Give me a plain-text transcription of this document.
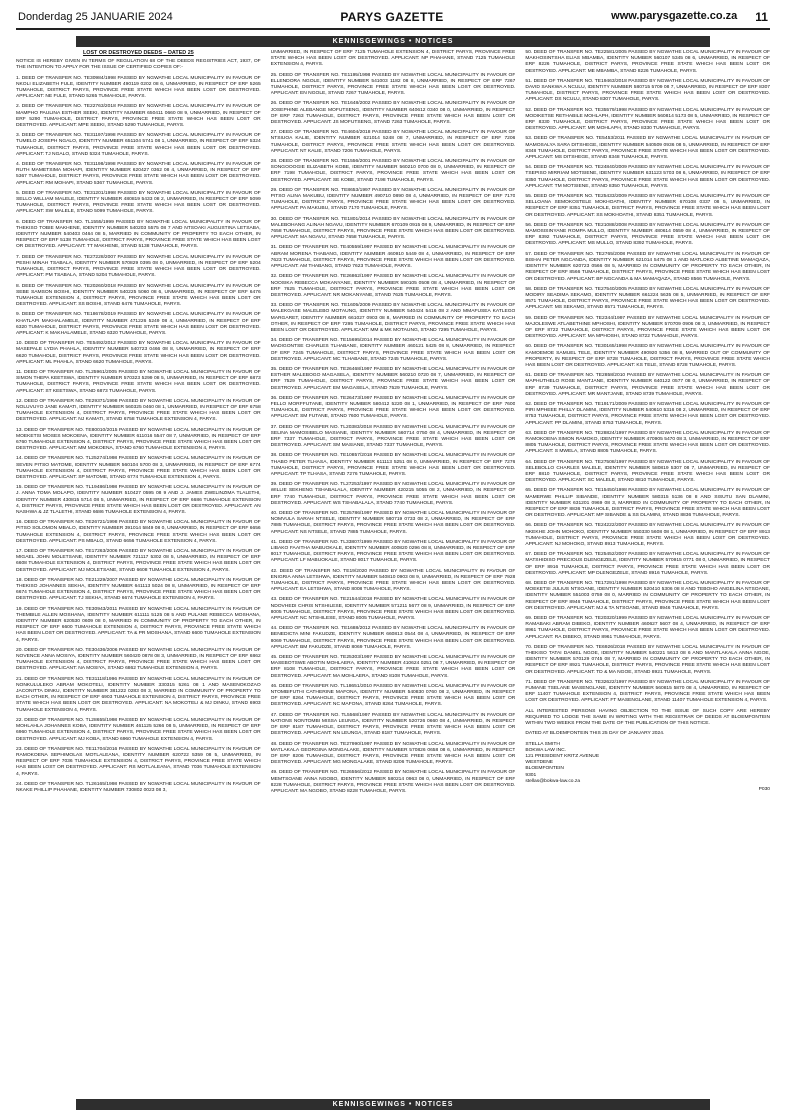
Donderdag 25 JANUARIE 2024	PARYS GAZETTE	www.parysgazette.co.za 11
KENNISGEWINGS • NOTICES
LOST OR DESTROYED DEEDS – DATED 25

NOTICE IS HEREBY GIVEN IN TERMS OF REGULATION 68 OF THE DEEDS REGISTRIES ACT, 1937, OF THE INTENTION TO APPLY FOR THE ISSUE OF CERTIFIED COPIES OF:-

1. DEED OF TRANSFER NO. TE30984/1998 PASSED BY NGWATHE LOCAL MUNICIPALITY IN FAVOUR OF NKOLI ELIZABETH FULE, IDENTITY NUMBER 490119 0202 08 6, UNMARRIED, IN RESPECT OF ERF 5265 TUMAHOLE, DISTRICT PARYS, PROVINCE FREE STATE WHICH HAS BEEN LOST OR DESTROYED. APPLICANT: NE FULE, STAND 5265 TUMAHOLE, PARYS.

2. DEED OF TRANSFER NO. TE22763/2018 PASSED BY NGWATHE LOCAL MUNICIPALITY IN FAVOUR OF MAMPHO PAULINA ESTHER SEEKI, IDENTITY NUMBER 650411 0660 08 9, UNMARRIED, IN RESPECT OF ERF 5290 TUMAHOLE, DISTRICT PARYS, PROVINCE FREE STATE WHICH HAS BEEN LOST OR DESTROYED. APPLICANT: MPE SEEKI, STAND 5290 TUMAHOLE, PARYS.

3. DEED OF TRANSFER NO. TE31197/1998 PASSED BY NGWATHE LOCAL MUNICIPALITY IN FAVOUR OF TUMELO JOSEPH NGALO, IDENTITY NUMBER 651104 5741 08 1, UNMARRIED, IN RESPECT OF ERF 5324 TUMAHOLE, DISTRICT PARYS, PROVINCE FREE STATE WHICH HAS BEEN LOST OR DESTROYED. APPLICANT: TJ NGALO, STAND 5324 TUMAHOLE, PARYS.

4. DEED OF TRANSFER NO. TE31198/1998 PASSED BY NGWATHE LOCAL MUNICIPALITY IN FAVOUR OF RUTH MAMETSIMA MOHAPI, IDENTITY NUMBER 620427 0362 08 4, UNMARRIED, IN RESPECT OF ERF 5367 TUMAHOLE, DISTRICT PARYS, PROVINCE FREE STATE WHICH HAS BEEN LOST OR DESTROYED. APPLICANT: RM MOHAPI, STAND 5367 TUMAHOLE, PARYS.

5. DEED OF TRANSFER NO. TE31201/1998 PASSED BY NGWATHE LOCAL MUNICIPALITY IN FAVOUR OF SELLO WILLIAM MALELE, IDENTITY NUMBER 480819 5433 08 2, UNMARRIED, IN RESPECT OF ERF 5099 TUMAHOLE, DISTRICT PARYS, PROVINCE FREE STATE WHICH HAS BEEN LOST OR DESTROYED. APPLICANT: SW MALELE, STAND 5099 TUMAHOLE, PARYS.

6. DEED OF TRANSFER NO. TL1555/1999 PASSED BY NGWATHE LOCAL MUNICIPALITY IN FAVOUR OF THEKISO TOBIE MAKHENE, IDENTITY NUMBER 540203 5575 08 7 AND NTSOAKI AUGUSTINA LETSABA, IDENTITY NUMBER 540403 0464 08 5, MARRIED IN COMMUNITY OF PROPERTY TO EACH OTHER, IN RESPECT OF ERF 5138 TUMAHOLE, DISTRICT PARYS, PROVINCE FREE STATE WHICH HAS BEEN LOST OR DESTROYED. APPLICANT: TT MAKHENE, STAND 5138 TUMAHOLE, PARYS.

7. DEED OF TRANSFER NO. TE27228/2007 PASSED BY NGWATHE LOCAL MUNICIPALITY IN FAVOUR OF PESHI MINAH TSABALA, IDENTITY NUMBER 570829 0395 08 0, UNMARRIED, IN RESPECT OF ERF 5204 TUMAHOLE, DISTRICT PARYS, PROVINCE FREE STATE WHICH HAS BEEN LOST OR DESTROYED. APPLICANT: PM TSABALA, STAND 5204 TUMAHOLE, PARYS.

8. DEED OF TRANSFER NO. TE20260/2018 PASSED BY NGWATHE LOCAL MUNICIPALITY IN FAVOUR OF SEBE SAMSON BOSHI, IDENTITY NUMBER 540225 5060 08 6, UNMARRIED, IN RESPECT OF ERF 6476 TUMAHOLE EXTENSION 4, DISTRICT PARYS, PROVINCE FREE STATE WHICH HAS BEEN LOST OR DESTROYED. APPLICANT: SS BOSHI, STAND 6476 TUMAHOLE, PARYS.

9. DEED OF TRANSFER NO. TE18678/2019 PASSED BY NGWATHE LOCAL MUNICIPALITY IN FAVOUR OF KHATLAPI MAKHALAMELE, IDENTITY NUMBER 471226 5249 08 4, UNMARRIED, IN RESPECT OF ERF 6320 TUMAHOLE, DISTRICT PARYS, PROVINCE FREE STATE WHICH HAS BEEN LOST OR DESTROYED. APPLICANT: K MAKHALAMELE, STAND 6320 TUMAHOLE, PARYS.

10. DEED OF TRANSFER NO. TE5492/2012 PASSED BY NGWATHE LOCAL MUNICIPALITY IN FAVOUR OF MASEPALE LYDIA PHAHLA, IDENTITY NUMBER 540723 0466 08 8, UNMARRIED, IN RESPECT OF ERF 6620 TUMAHOLE, DISTRICT PARYS, PROVINCE FREE STATE WHICH HAS BEEN LOST OR DESTROYED. APPLICANT: ML PHAHLA, STAND 6620 TUMAHOLE, PARYS.

11. DEED OF TRANSFER NO. TL25961/2005 PASSED BY NGWATHE LOCAL MUNICIPALITY IN FAVOUR OF SIMON THEPA KEETSWA, IDENTITY NUMBER 570323 5299 08 5, UNMARRIED, IN RESPECT OF ERF 6873 TUMAHOLE, DISTRICT PARYS, PROVINCE FREE STATE WHICH HAS BEEN LOST OR DESTROYED. APPLICANT: ST KEETSWA, STAND 6873 TUMAHOLE, PARYS.

12. DEED OF TRANSFER NO. TE29371/1998 PASSED BY NGWATHE LOCAL MUNICIPALITY IN FAVOUR OF NOLUVUYO JANE KAMATI, IDENTITY NUMBER 560325 0460 08 1, UNMARRIED, IN RESPECT OF ERF 6758 TUMAHOLE EXTENSION 4, DISTRICT PARYS, PROVINCE FREE STATE WHICH HAS BEEN LOST OR DESTROYED. APPLICANT: NJ KAMATI, STAND 6758 TUMAHOLE EXTENSION 4, PARYS.

13. DEED OF TRANSFER NO. TE80010/2015 PASSED BY NGWATHE LOCAL MUNICIPALITY IN FAVOUR OF MOEKETSI MOSES MOKOENA, IDENTITY NUMBER 611016 5547 08 7, UNMARRIED, IN RESPECT OF ERF 6760 TUMAHOLE EXTENSION 4, DISTRICT PARYS, PROVINCE FREE STATE WHICH HAS BEEN LOST OR DESTROYED. APPLICANT: MM MOKOENA, STAND 6760 TUMAHOLE EXTENSION 4, PARYS.

14. DEED OF TRANSFER NO. TL25274/1998 PASSED BY NGWATHE LOCAL MUNICIPALITY IN FAVOUR OF SEVEN PITSO MATOME, IDENTITY NUMBER 560104 5700 08 3, UNMARRIED, IN RESPECT OF ERF 6774 TUMAHOLE EXTENSION 4, DISTRICT PARYS, PROVINCE FREE STATE WHICH HAS BEEN LOST OR DESTROYED. APPLICANT: SP MATOME, STAND 6774 TUMAHOLE EXTENSION 4, PARYS.

15. DEED OF TRANSFER NO. TL19486/1998 PASSED BY NGWATHE LOCAL MUNICIPALITY IN FAVOUR OF J. ANNA TOMA MOLAPO, IDENTITY NUMBER 510427 0595 08 9 AND J. JAMES ZWELINZIMA TLALETHI, IDENTITY NUMBER 430815 5714 08 5, UNMARRIED, IN RESPECT OF ERF 6686 TUMAHOLE EXTENSION 4, DISTRICT PARYS, PROVINCE FREE STATE WHICH HAS BEEN LOST OR DESTROYED. APPLICANT: AN NASHWA & JZ TLALETHI, STAND 6686 TUMAHOLE EXTENSION 4, PARYS.

16. DEED OF TRANSFER NO. TE26721/1998 PASSED BY NGWATHE LOCAL MUNICIPALITY IN FAVOUR OF PITSO SOLOMON MBALO, IDENTITY NUMBER 391014 5849 08 0, UNMARRIED, IN RESPECT OF ERF 6656 TUMAHOLE EXTENSION 4, DISTRICT PARYS, PROVINCE FREE STATE WHICH HAS BEEN LOST OR DESTROYED. APPLICANT: PS MBALO, STAND 6656 TUMAHOLE EXTENSION 4, PARYS.

17. DEED OF TRANSFER NO. TE17263/2006 PASSED BY NGWATHE LOCAL MUNICIPALITY IN FAVOUR OF MIGAEL JOHN MOLETSANE, IDENTITY NUMBER 721117 5302 08 5, UNMARRIED, IN RESPECT OF ERF 6608 TUMAHOLE EXTENSION 4, DISTRICT PARYS, PROVINCE FREE STATE WHICH HAS BEEN LOST OR DESTROYED. APPLICANT: MJ MOLETSANE, STAND 6608 TUMAHOLE EXTENSION 4, PARYS.

18. DEED OF TRANSFER NO. TE21229/2007 PASSED BY NGWATHE LOCAL MUNICIPALITY IN FAVOUR OF THEKISO JOHANNES SEKHA, IDENTITY NUMBER 641113 5024 08 8, UNMARRIED, IN RESPECT OF ERF 6674 TUMAHOLE EXTENSION 4, DISTRICT PARYS, PROVINCE FREE STATE WHICH HAS BEEN LOST OR DESTROYED. APPLICANT: TJ SEKHA, STAND 6674 TUMAHOLE EXTENSION 4, PARYS.

19. DEED OF TRANSFER NO. TE30943/2011 PASSED BY NGWATHE LOCAL MUNICIPALITY IN FAVOUR OF THEMBILE ALLEN MOSHANA, IDENTITY NUMBER 611111 5125 08 5 AND PULANE REBECCA MOSHANA, IDENTITY NUMBER 620530 0609 08 0, MARRIED IN COMMUNITY OF PROPERTY TO EACH OTHER, IN RESPECT OF ERF 6600 TUMAHOLE EXTENSION 4, DISTRICT PARYS, PROVINCE FREE STATE WHICH HAS BEEN LOST OR DESTROYED. APPLICANT: TA & PR MOSHANA, STAND 6600 TUMAHOLE EXTENSION 4, PARYS.

20. DEED OF TRANSFER NO. TE30436/2006 PASSED BY NGWATHE LOCAL MUNICIPALITY IN FAVOUR OF NOVENCE ANNA MOSIYA, IDENTITY NUMBER 560420 0878 08 3, UNMARRIED, IN RESPECT OF ERF 6862 TUMAHOLE EXTENSION 4, DISTRICT PARYS, PROVINCE FREE STATE WHICH HAS BEEN LOST OR DESTROYED. APPLICANT: NA MOSIYA, STAND 6862 TUMAHOLE EXTENSION 4, PARYS.

21. DEED OF TRANSFER NO. TE31118/1996 PASSED BY NGWATHE LOCAL MUNICIPALITY IN FAVOUR OF NONKULULEKO ABRAM MOKOTELI, IDENTITY NUMBER 330315 5261 08 1 AND MASENOKOZAO JACONITTA DINKU, IDENTITY NUMBER 381222 0283 08 3, MARRIED IN COMMUNITY OF PROPERTY TO EACH OTHER, IN RESPECT OF ERF 6903 TUMAHOLE EXTENSION 4, DISTRICT PARYS, PROVINCE FREE STATE WHICH HAS BEEN LOST OR DESTROYED. APPLICANT: NA MOKOTELI & MJ DINKU, STAND 6903 TUMAHOLE EXTENSION 4, PARYS.

22. DEED OF TRANSFER NO. TL28655/1998 PASSED BY NGWATHE LOCAL MUNICIPALITY IN FAVOUR OF MOHLAHLA JOHANNES KOBA, IDENTITY NUMBER 461125 5266 08 5, UNMARRIED, IN RESPECT OF ERF 6960 TUMAHOLE EXTENSION 4, DISTRICT PARYS, PROVINCE FREE STATE WHICH HAS BEEN LOST OR DESTROYED. APPLICANT: MJ KOBA, STAND 6960 TUMAHOLE EXTENSION 4, PARYS.

23. DEED OF TRANSFER NO. TE11704/2016 PASSED BY NGWATHE LOCAL MUNICIPALITY IN FAVOUR OF RAMOKOENA SEPHIMOLAS MOTLALEANA, IDENTITY NUMBER 620722 5359 08 5, UNMARRIED, IN RESPECT OF ERF 7036 TUMAHOLE EXTENSION 4, DISTRICT PARYS, PROVINCE FREE STATE WHICH HAS BEEN LOST OR DESTROYED. APPLICANT: RS MOTLALEANA, STAND 7036 TUMAHOLE EXTENSION 4, PARYS.

24. DEED OF TRANSFER NO. TL26165/1998 PASSED BY NGWATHE LOCAL MUNICIPALITY IN FAVOUR OF NKAKE PHILLIP PHAHANE, IDENTITY NUMBER 730802 0023 08 3,

UNMARRIED, IN RESPECT OF ERF 7125 TUMAHOLE EXTENSION 4, DISTRICT PARYS, PROVINCE FREE STATE WHICH HAS BEEN LOST OR DESTROYED. APPLICANT: NP PHAHANE, STAND 7125 TUMAHOLE EXTENSION 4, PARYS.

25. DEED OF TRANSFER NO. TE1195/1998 PASSED BY NGWATHE LOCAL MUNICIPALITY IN FAVOUR OF ELLENDORA NGOLE, IDENTITY NUMBER 541003 1182 08 8, UNMARRIED, IN RESPECT OF ERF 7267 TUMAHOLE, DISTRICT PARYS, PROVINCE FREE STATE WHICH HAS BEEN LOST OR DESTROYED. APPLICANT: EN NGOLE, STAND 7267 TUMAHOLE, PARYS.

26. DEED OF TRANSFER NO. TE1648/2002 PASSED BY NGWATHE LOCAL MUNICIPALITY IN FAVOUR OF JOSEPHINE ALEBANGE MOFUTSENG, IDENTITY NUMBER 640612 0340 08 0, UNMARRIED, IN RESPECT OF ERF 7263 TUMAHOLE, DISTRICT PARYS, PROVINCE FREE STATE WHICH HAS BEEN LOST OR DESTROYED. APPLICANT: JS MOFUTSENG, STAND 7263 TUMAHOLE, PARYS.

27. DEED OF TRANSFER NO. TE4604/2018 PASSED BY NGWATHE LOCAL MUNICIPALITY IN FAVOUR OF NTSIUOA KALIE, IDENTITY NUMBER 621014 5248 08 7, UNMARRIED, IN RESPECT OF ERF 7206 TUMAHOLE, DISTRICT PARYS, PROVINCE FREE STATE WHICH HAS BEEN LOST OR DESTROYED. APPLICANT: NT KALIE, STAND 7206 TUMAHOLE, PARYS.

28. DEED OF TRANSFER NO. TE1556/2001 PASSED BY NGWATHE LOCAL MUNICIPALITY IN FAVOUR OF SONGOOOGIE ELIZABETH KOBE, IDENTITY NUMBER 560210 0700 08 0, UNMARRIED, IN RESPECT OF ERF 7198 TUMAHOLE, DISTRICT PARYS, PROVINCE FREE STATE WHICH HAS BEEN LOST OR DESTROYED. APPLICANT: SE KOBE, STAND 7198 TUMAHOLE, PARYS.

29. DEED OF TRANSFER NO. TE8653/1997 PASSED BY NGWATHE LOCAL MUNICIPALITY IN FAVOUR OF PITSO ALINA MAKUBU, IDENTITY NUMBER 490710 0890 08 4, UNMARRIED, IN RESPECT OF ERF 7170 TUMAHOLE, DISTRICT PARYS, PROVINCE FREE STATE WHICH HAS BEEN LOST OR DESTROYED. APPLICANT: PA MAKUBU, STAND 7170 TUMAHOLE, PARYS.

30. DEED OF TRANSFER NO. TE1801/2014 PASSED BY NGWATHE LOCAL MUNICIPALITY IN FAVOUR OF MALEBOHANG ALINAH NGAVU, IDENTITY NUMBER 670109 0915 08 9, UNMARRIED, IN RESPECT OF ERF 7658 TUMAHOLE, DISTRICT PARYS, PROVINCE FREE STATE WHICH HAS BEEN LOST OR DESTROYED. APPLICANT: MA NGAVU, STAND 7658 TUMAHOLE, PARYS.

31. DEED OF TRANSFER NO. TE40559/1997 PASSED BY NGWATHE LOCAL MUNICIPALITY IN FAVOUR OF ABRAM MORENA THABANG, IDENTITY NUMBER 460910 5449 08 4, UNMARRIED, IN RESPECT OF ERF 7623 TUMAHOLE, DISTRICT PARYS, PROVINCE FREE STATE WHICH HAS BEEN LOST OR DESTROYED. APPLICANT: AM THABANG, STAND 7623 TUMAHOLE, PARYS.

32. DEED OF TRANSFER NO. TE26862/1997 PASSED BY NGWATHE LOCAL MUNICIPALITY IN FAVOUR OF NOOSIKA REBECCA MOKANYANE, IDENTITY NUMBER 590105 0508 08 4, UNMARRIED, IN RESPECT OF ERF 7625 TUMAHOLE, DISTRICT PARYS, PROVINCE FREE STATE WHICH HAS BEEN LOST OR DESTROYED. APPLICANT: NR MOKANYANE, STAND 7625 TUMAHOLE, PARYS.

33. DEED OF TRANSFER NO. TE1605/2009 PASSED BY NGWATHE LOCAL MUNICIPALITY IN FAVOUR OF MALEKGASE MALELEBO MOTAUNG, IDENTITY NUMBER 540424 5416 08 2 AND MMAFUSEA KATLEGO MARGARET, IDENTITY NUMBER 661027 0903 08 8, MARRIED IN COMMUNITY OF PROPERTY TO EACH OTHER, IN RESPECT OF ERF 7295 TUMAHOLE, DISTRICT PARYS, PROVINCE FREE STATE WHICH HAS BEEN LOST OR DESTROYED. APPLICANT: MM & MK MOTAUNG, STAND 7295 TUMAHOLE, PARYS.

34. DEED OF TRANSFER NO. TE15695/2014 PASSED BY NGWATHE LOCAL MUNICIPALITY IN FAVOUR OF MADIGONTSE CHARLES TLHABANE, IDENTITY NUMBER 460121 5425 08 8, UNMARRIED, IN RESPECT OF ERF 7245 TUMAHOLE, DISTRICT PARYS, PROVINCE FREE STATE WHICH HAS BEEN LOST OR DESTROYED. APPLICANT: MC TLHABANE, STAND 7245 TUMAHOLE, PARYS.

35. DEED OF TRANSFER NO. TE26468/1997 PASSED BY NGWATHE LOCAL MUNICIPALITY IN FAVOUR OF ESTHER MALEBOGO MAGASELA, IDENTITY NUMBER 560210 0720 08 7, UNMARRIED, IN RESPECT OF ERF 7529 TUMAHOLE, DISTRICT PARYS, PROVINCE FREE STATE WHICH HAS BEEN LOST OR DESTROYED. APPLICANT: EM MAGASELA, STAND 7529 TUMAHOLE, PARYS.

36. DEED OF TRANSFER NO. TE26473/1997 PASSED BY NGWATHE LOCAL MUNICIPALITY IN FAVOUR OF FELLO MORFFUTANE, IDENTITY NUMBER 580412 5220 08 1, UNMARRIED, IN RESPECT OF ERF 7600 TUMAHOLE, DISTRICT PARYS, PROVINCE FREE STATE WHICH HAS BEEN LOST OR DESTROYED. APPLICANT: SM FUTANE, STAND 7600 TUMAHOLE, PARYS.

37. DEED OF TRANSFER NO. TL20383/2018 PASSED BY NGWATHE LOCAL MUNICIPALITY IN FAVOUR OF SELINA MAMOSIBELO MASIANE, IDENTITY NUMBER 560714 0750 08 4, UNMARRIED, IN RESPECT OF ERF 7337 TUMAHOLE, DISTRICT PARYS, PROVINCE FREE STATE WHICH HAS BEEN LOST OR DESTROYED. APPLICANT: SM MASIANE, STAND 7337 TUMAHOLE, PARYS.

38. DEED OF TRANSFER NO. TE10857/2018 PASSED BY NGWATHE LOCAL MUNICIPALITY IN FAVOUR OF THABO PETER TLHASA, IDENTITY NUMBER 611113 5251 08 0, UNMARRIED, IN RESPECT OF ERF 7276 TUMAHOLE, DISTRICT PARYS, PROVINCE FREE STATE WHICH HAS BEEN LOST OR DESTROYED. APPLICANT: TP TLHASA, STAND 7276 TUMAHOLE, PARYS.

39. DEED OF TRANSFER NO. TL27253/1997 PASSED BY NGWATHE LOCAL MUNICIPALITY IN FAVOUR OF WILLIE SEKHENG TSHABALALA, IDENTITY NUMBER 420215 5055 08 2, UNMARRIED, IN RESPECT OF ERF 7740 TUMAHOLE, DISTRICT PARYS, PROVINCE FREE STATE WHICH HAS BEEN LOST OR DESTROYED. APPLICANT: WS TSHABALALA, STAND 7740 TUMAHOLE, PARYS.

40. DEED OF TRANSFER NO. TE25786/1997 PASSED BY NGWATHE LOCAL MUNICIPALITY IN FAVOUR OF NOMVULA SARAH NTSELE, IDENTITY NUMBER 580719 0733 08 2, UNMARRIED, IN RESPECT OF ERF 7885 TUMAHOLE, DISTRICT PARYS, PROVINCE FREE STATE WHICH HAS BEEN LOST OR DESTROYED. APPLICANT: NS NTSELE, STAND 7885 TUMAHOLE, PARYS.

41. DEED OF TRANSFER NO. TL33807/1999 PASSED BY NGWATHE LOCAL MUNICIPALITY IN FAVOUR OF LIBAKO FAAITHA MABUOKALE, IDENTITY NUMBER 400820 0296 08 8, UNMARRIED, IN RESPECT OF ERF 8017 TUMAHOLE, DISTRICT PARYS, PROVINCE FREE STATE WHICH HAS BEEN LOST OR DESTROYED. APPLICANT: LF MABUOKALE, STAND 8017 TUMAHOLE, PARYS.

42. DEED OF TRANSFER NO. TE19/2020 PASSED BY NGWATHE LOCAL MUNICIPALITY IN FAVOUR OF ENIGRIA ANNA LETSHWA, IDENTITY NUMBER 540810 0903 08 9, UNMARRIED, IN RESPECT OF ERF 7928 TUMAHOLE, DISTRICT PARYS, PROVINCE FREE STATE WHICH HAS BEEN LOST OR DESTROYED. APPLICANT: EA LETSHWA, STAND 8008 TUMAHOLE, PARYS.

43. DEED OF TRANSFER NO. TE21544/2018 PASSED BY NGWATHE LOCAL MUNICIPALITY IN FAVOUR OF NDOVHEDI CHRIS NTSHILESE, IDENTITY NUMBER 571211 5677 08 9, UNMARRIED, IN RESPECT OF ERF 8005 TUMAHOLE, DISTRICT PARYS, PROVINCE FREE STATE WHICH HAS BEEN LOST OR DESTROYED. APPLICANT: NC NTSHILESE, STAND 8005 TUMAHOLE, PARYS.

44. DEED OF TRANSFER NO. TE1688/2012 PASSED BY NGWATHE LOCAL MUNICIPALITY IN FAVOUR OF BENEDICTA MINI FAKUDZE, IDENTITY NUMBER 660813 0544 08 4, UNMARRIED, IN RESPECT OF ERF 8069 TUMAHOLE, DISTRICT PARYS, PROVINCE FREE STATE WHICH HAS BEEN LOST OR DESTROYED. APPLICANT: BM FAKUDZE, STAND 8069 TUMAHOLE, PARYS.

45. DEED OF TRANSFER NO. TE25303/1997 PASSED BY NGWATHE LOCAL MUNICIPALITY IN FAVOUR OF MASEBOTSWE ABOTIN MOHLAERA, IDENTITY NUMBER 410624 0251 08 7, UNMARRIED, IN RESPECT OF ERF 8108 TUMAHOLE, DISTRICT PARYS, PROVINCE FREE STATE WHICH HAS BEEN LOST OR DESTROYED. APPLICANT: MA MOHLAERA, STAND 8108 TUMAHOLE, PARYS.

46. DEED OF TRANSFER NO. TL18651/2010 PASSED BY NGWATHE LOCAL MUNICIPALITY IN FAVOUR OF NTOMBIFUTHI CATHERINE MAFONA, IDENTITY NUMBER 540830 0760 08 2, UNMARRIED, IN RESPECT OF ERF 8264 TUMAHOLE, DISTRICT PARYS, PROVINCE FREE STATE WHICH HAS BEEN LOST OR DESTROYED. APPLICANT: NC MAFONA, STAND 8264 TUMAHOLE, PARYS.

47. DEED OF TRANSFER NO. TL5568/1997 PASSED BY NGWATHE LOCAL MUNICIPALITY IN FAVOUR OF NATIONS NONTOMBI MISSA LEUNGA, IDENTITY NUMBER 520726 0660 08 4, UNMARRIED, IN RESPECT OF ERF 8187 TUMAHOLE, DISTRICT PARYS, PROVINCE FREE STATE WHICH HAS BEEN LOST OR DESTROYED. APPLICANT: NN LEUNGA, STAND 8187 TUMAHOLE, PARYS.

48. DEED OF TRANSFER NO. TE27990/1997 PASSED BY NGWATHE LOCAL MUNICIPALITY IN FAVOUR OF MATLAKALA GEORGINA MONGALAKE, IDENTITY NUMBER 570826 0658 08 6, UNMARRIED, IN RESPECT OF ERF 8206 TUMAHOLE, DISTRICT PARYS, PROVINCE FREE STATE WHICH HAS BEEN LOST OR DESTROYED. APPLICANT: MG MONGALAKE, STAND 8206 TUMAHOLE, PARYS.

49. DEED OF TRANSFER NO. TE26556/2012 PASSED BY NGWATHE LOCAL MUNICIPALITY IN FAVOUR OF MEMTSOANE ANNA NGOBO, IDENTITY NUMBER 580214 0963 08 0, UNMARRIED, IN RESPECT OF ERF 8228 TUMAHOLE, DISTRICT PARYS, PROVINCE FREE STATE WHICH HAS BEEN LOST OR DESTROYED. APPLICANT: MA NGOBO, STAND 8228 TUMAHOLE, PARYS.

50. DEED OF TRANSFER NO. TE22581/2005 PASSED BY NGWATHE LOCAL MUNICIPALITY IN FAVOUR OF MAKHOSINTSHA ELIAS MBAMBA, IDENTITY NUMBER 560107 5345 08 6, UNMARRIED, IN RESPECT OF ERF 8226 TUMAHOLE, DISTRICT PARYS, PROVINCE FREE STATE WHICH HAS BEEN LOST OR DESTROYED. APPLICANT: ME MBAMBA, STAND 8226 TUMAHOLE, PARYS.

51. DEED OF TRANSFER NO. TE19463/2018 PASSED BY NGWATHE LOCAL MUNICIPALITY IN FAVOUR OF DAVID SANKWA A NCULU, IDENTITY NUMBER 580715 5709 08 7, UNMARRIED, IN RESPECT OF ERF 8307 TUMAHOLE, DISTRICT PARYS, PROVINCE FREE STATE WHICH HAS BEEN LOST OR DESTROYED. APPLICANT: DS NCULU, STAND 8307 TUMAHOLE, PARYS.

52. DEED OF TRANSFER NO. TE35579/1998 PASSED BY NGWATHE LOCAL MUNICIPALITY IN FAVOUR OF MODIKETSE RETHABILE MOHLAPH, IDENTITY NUMBER 560814 5173 08 5, UNMARRIED, IN RESPECT OF ERF 8330 TUMAHOLE, DISTRICT PARYS, PROVINCE FREE STATE WHICH HAS BEEN LOST OR DESTROYED. APPLICANT: MR MOHLAPH, STAND 8330 TUMAHOLE, PARYS.

53. DEED OF TRANSFER NO. TE5453/2011 PASSED BY NGWATHE LOCAL MUNICIPALITY IN FAVOUR OF MAMOSALYA SARA DITSHEGE, IDENTITY NUMBER 540509 0936 08 5, UNMARRIED, IN RESPECT OF ERF 8348 TUMAHOLE, DISTRICT PARYS, PROVINCE FREE STATE WHICH HAS BEEN LOST OR DESTROYED. APPLICANT: MS DITSHEGE, STAND 8348 TUMAHOLE, PARYS.

54. DEED OF TRANSFER NO. TE24840/2009 PASSED BY NGWATHE LOCAL MUNICIPALITY IN FAVOUR OF TSEPISO MIRRIAM MOTSIENE, IDENTITY NUMBER 631123 5703 08 6, UNMARRIED, IN RESPECT OF ERF 8350 TUMAHOLE, DISTRICT PARYS, PROVINCE FREE STATE WHICH HAS BEEN LOST OR DESTROYED. APPLICANT: TM MOTSIENE, STAND 8350 TUMAHOLE, PARYS.

55. DEED OF TRANSFER NO. TE25433/2009 PASSED BY NGWATHE LOCAL MUNICIPALITY IN FAVOUR OF SELLOANA SEMOKOSTELE MOKHOATHI, IDENTITY NUMBER 670108 0337 08 5, UNMARRIED, IN RESPECT OF ERF 8351 TUMAHOLE, DISTRICT PARYS, PROVINCE FREE STATE WHICH HAS BEEN LOST OR DESTROYED. APPLICANT: SS MOKHOATHI, STAND 8351 TUMAHOLE, PARYS.

56. DEED OF TRANSFER NO. TE21088/2008 PASSED BY NGWATHE LOCAL MUNICIPALITY IN FAVOUR OF MAMOSISINYANE ROMPA MULLO, IDENTITY NUMBER 480614 0559 08 4, UNMARRIED, IN RESPECT OF ERF 8392 TUMAHOLE, DISTRICT PARYS, PROVINCE FREE STATE WHICH HAS BEEN LOST OR DESTROYED. APPLICANT: MS MULLO, STAND 8392 TUMAHOLE, PARYS.

57. DEED OF TRANSFER NO. TE2765/2008 PASSED BY NGWATHE LOCAL MUNICIPALITY IN FAVOUR OF BISHAI PETER NGCANDA, IDENTITY NUMBER 621014 5475 08 1 AND MATLOKO ALBETINE MAMAQAZA, IDENTITY NUMBER 620723 0566 08 5, MARRIED IN COMMUNITY OF PROPERTY TO EACH OTHER, IN RESPECT OF ERF 8566 TUMAHOLE, DISTRICT PARYS, PROVINCE FREE STATE WHICH HAS BEEN LOST OR DESTROYED. APPLICANT: BP NGCANDA & MA MAMAQAZA, STAND 8566 TUMAHOLE, PARYS.

58. DEED OF TRANSFER NO. TE27540/2005 PASSED BY NGWATHE LOCAL MUNICIPALITY IN FAVOUR OF MODIRY SEADIMA SEKAMO, IDENTITY NUMBER 661224 5635 08 5, UNMARRIED, IN RESPECT OF ERF 8571 TUMAHOLE, DISTRICT PARYS, PROVINCE FREE STATE WHICH HAS BEEN LOST OR DESTROYED. APPLICANT: MS SEKAMO, STAND 8571 TUMAHOLE, PARYS.

59. DEED OF TRANSFER NO. TE2344/1997 PASSED BY NGWATHE LOCAL MUNICIPALITY IN FAVOUR OF MAJOLESWE ATLABETHINE MPHOSHI, IDENTITY NUMBER 570709 0906 08 3, UNMARRIED, IN RESPECT OF ERF 8722 TUMAHOLE, DISTRICT PARYS, PROVINCE FREE STATE WHICH HAS BEEN LOST OR DESTROYED. APPLICANT: MA MPHOSHI, STAND 8722 TUMAHOLE, PARYS.

60. DEED OF TRANSFER NO. TE30165/1998 PASSED BY NGWATHE LOCAL MUNICIPALITY IN FAVOUR OF KAMOEMOE SAMUEL TELE, IDENTITY NUMBER 490920 5356 08 8, MARRIED OUT OF COMMUNITY OF PROPERTY, IN RESPECT OF ERF 8728 TUMAHOLE, DISTRICT PARYS, PROVINCE FREE STATE WHICH HAS BEEN LOST OR DESTROYED. APPLICANT: KS TELE, STAND 8728 TUMAHOLE, PARYS.

61. DEED OF TRANSFER NO. TE2858/2010 PASSED BY NGWATHE LOCAL MUNICIPALITY IN FAVOUR OF MAPHUTHELO ROSE MANTJANE, IDENTITY NUMBER 640122 0577 08 0, UNMARRIED, IN RESPECT OF ERF 8739 TUMAHOLE, DISTRICT PARYS, PROVINCE FREE STATE WHICH HAS BEEN LOST OR DESTROYED. APPLICANT: MR MANTJANE, STAND 8739 TUMAHOLE, PARYS.

62. DEED OF TRANSFER NO. TE19171/2009 PASSED BY NGWATHE LOCAL MUNICIPALITY IN FAVOUR OF PIRI MPHEEE PHILLY DLAMINI, IDENTITY NUMBER 540610 5316 08 2, UNMARRIED, IN RESPECT OF ERF 8753 TUMAHOLE, DISTRICT PARYS, PROVINCE FREE STATE WHICH HAS BEEN LOST OR DESTROYED. APPLICANT: PP DLAMINI, STAND 8753 TUMAHOLE, PARYS.

63. DEED OF TRANSFER NO. TE28824/1997 PASSED BY NGWATHE LOCAL MUNICIPALITY IN FAVOUR OF RAMOKOENA SIMON RAMOKO, IDENTITY NUMBER 470905 5470 08 3, UNMARRIED, IN RESPECT OF ERF 8805 TUMAHOLE, DISTRICT PARYS, PROVINCE FREE STATE WHICH HAS BEEN LOST OR DESTROYED. APPLICANT: S MWELA, STAND 8805 TUMAHOLE, PARYS.

64. DEED OF TRANSFER NO. TE27508/1997 PASSED BY NGWATHE LOCAL MUNICIPALITY IN FAVOUR OF SELEBOLLO CHARLES MALELE, IDENTITY NUMBER 580819 5307 08 7, UNMARRIED, IN RESPECT OF ERF 8810 TUMAHOLE, DISTRICT PARYS, PROVINCE FREE STATE WHICH HAS BEEN LOST OR DESTROYED. APPLICANT: SC MALELE, STAND 8810 TUMAHOLE, PARYS.

65. DEED OF TRANSFER NO. TE15450/1998 PASSED BY NGWATHE LOCAL MUNICIPALITY IN FAVOUR OF MAMERWE PHILLIP SIBANDE, IDENTITY NUMBER 580315 5136 08 8 AND SISUTU SAN DLAMINI, IDENTITY NUMBER 631201 0969 08 3, MARRIED IN COMMUNITY OF PROPERTY TO EACH OTHER, IN RESPECT OF ERF 8836 TUMAHOLE, DISTRICT PARYS, PROVINCE FREE STATE WHICH HAS BEEN LOST OR DESTROYED. APPLICANT: MP SIBANDE & SS DLAMINI, STAND 8836 TUMAHOLE, PARYS.

66. DEED OF TRANSFER NO. TE24222/2007 PASSED BY NGWATHE LOCAL MUNICIPALITY IN FAVOUR OF NKEKHE JOHN MOHOKO, IDENTITY NUMBER 550330 5608 08 1, UNMARRIED, IN RESPECT OF ERF 8913 TUMAHOLE, DISTRICT PARYS, PROVINCE FREE STATE WHICH HAS BEEN LOST OR DESTROYED. APPLICANT: NJ MOHOKO, STAND 8913 TUMAHOLE, PARYS.

67. DEED OF TRANSFER NO. TE25452/2007 PASSED BY NGWATHE LOCAL MUNICIPALITY IN FAVOUR OF MATSHIDISO PRECIOUS DLENGEZELE, IDENTITY NUMBER 570915 0771 08 0, UNMARRIED, IN RESPECT OF ERF 8916 TUMAHOLE, DISTRICT PARYS, PROVINCE FREE STATE WHICH HAS BEEN LOST OR DESTROYED. APPLICANT: MP DLENGEZELE, STAND 8916 TUMAHOLE, PARYS.

68. DEED OF TRANSFER NO. TE17291/1998 PASSED BY NGWATHE LOCAL MUNICIPALITY IN FAVOUR OF MOEKETSI JULIUS NTSOANE, IDENTITY NUMBER 520410 5306 08 8 AND TEBOHO ANGELINA NTSOANE, IDENTITY NUMBER 551003 0759 08 0, MARRIED IN COMMUNITY OF PROPERTY TO EACH OTHER, IN RESPECT OF ERF 8946 TUMAHOLE, DISTRICT PARYS, PROVINCE FREE STATE WHICH HAS BEEN LOST OR DESTROYED. APPLICANT: MJ & TA NTSOANE, STAND 8946 TUMAHOLE, PARYS.

69. DEED OF TRANSFER NO. TE20320/1999 PASSED BY NGWATHE LOCAL MUNICIPALITY IN FAVOUR OF RAMABAKI ABRAM DIBEKO, IDENTITY NUMBER 460627 5607 08 4, UNMARRIED, IN RESPECT OF ERF 8961 TUMAHOLE, DISTRICT PARYS, PROVINCE FREE STATE WHICH HAS BEEN LOST OR DESTROYED. APPLICANT: RA DIBEKO, STAND 8961 TUMAHOLE, PARYS.

70. DEED OF TRANSFER NO. TE6926/2018 PASSED BY NGWATHE LOCAL MUNICIPALITY IN FAVOUR OF THEKISO TATAI DANIEL NGOE, IDENTITY NUMBER 540221 5613 08 6 AND MANTLAKALA ANNA NGOE, IDENTITY NUMBER 570129 0745 08 7, MARRIED IN COMMUNITY OF PROPERTY TO EACH OTHER, IN RESPECT OF ERF 8921 TUMAHOLE, DISTRICT PARYS, PROVINCE FREE STATE WHICH HAS BEEN LOST OR DESTROYED. APPLICANT: TD & MA NGOE, STAND 8921 TUMAHOLE, PARYS.

71. DEED OF TRANSFER NO. TE32622/1997 PASSED BY NGWATHE LOCAL MUNICIPALITY IN FAVOUR OF FUMANE TSELANE MASENGLANE, IDENTITY NUMBER 560815 5870 08 4, UNMARRIED, IN RESPECT OF ERF 11407 TUMAHOLE EXTENSION 4, DISTRICT PARYS, PROVINCE FREE STATE WHICH HAS BEEN LOST OR DESTROYED. APPLICANT: FT MASENGLANE, STAND 11407 TUMAHOLE EXTENSION 4, PARYS.

ALL INTERESTED PERSONS HAVING OBJECTION TO THE ISSUE OF SUCH COPY ARE HEREBY REQUIRED TO LODGE THE SAME IN WRITING WITH THE REGISTRAR OF DEEDS AT BLOEMFONTEIN WITHIN TWO WEEKS FROM THE DATE OF THE PUBLICATION OF THIS NOTICE.

DATED AT BLOEMFONTEIN THIS 25 DAY OF JANUARY 2024.

STELLA SMITH

BOKWA LAW INC.

121 PRESIDENT KRITZ AVENUE

WESTDENE

BLOEMFONTEIN

9301

stellas@bokwa-law.co.za

P030

KENNISGEWINGS • NOTICES
